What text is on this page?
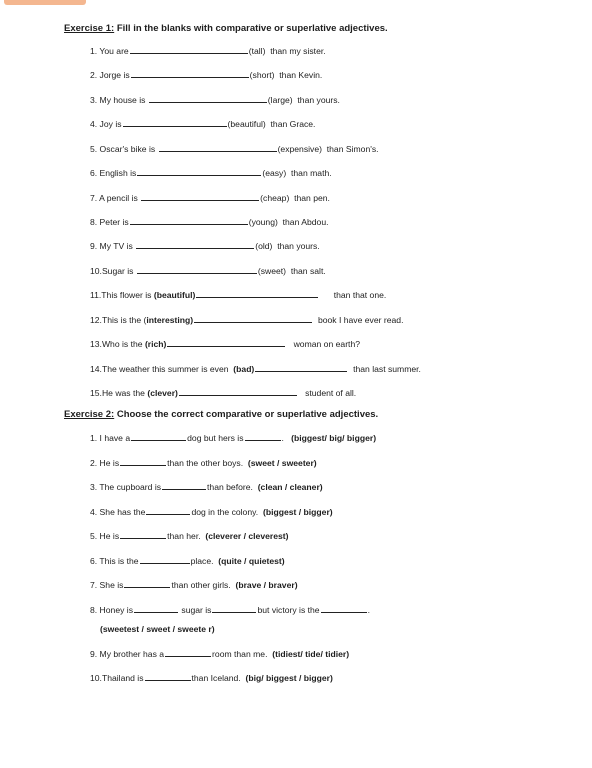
Exercise 1: Fill in the blanks with comparative or superlative adjectives.
1. You are	(tall) than my sister.
2. Jorge is	(short) than Kevin.
3. My house is	(large) than yours.
4. Joy is	(beautiful) than Grace.
5. Oscar's bike is	(expensive) than Simon's.
6. English is	(easy) than math.
7. A pencil is	(cheap) than pen.
8. Peter is	(young) than Abdou.
9. My TV is	(old) than yours.
10.Sugar is	(sweet) than salt.
11.This flower is (beautiful)	than that one.
12.This is the (interesting)	book I have ever read.
13.Who is the (rich)	woman on earth?
14.The weather this summer is even (bad)	than last summer.
15.He was the (clever)	student of all.
Exercise 2: Choose the correct comparative or superlative adjectives.
1. I have a	dog but hers is	. (biggest/ big/ bigger)
2. He is	than the other boys. (sweet / sweeter)
3. The cupboard is	than before. (clean / cleaner)
4. She has the	dog in the colony. (biggest / bigger)
5. He is	than her. (cleverer / cleverest)
6. This is the	place. (quite / quietest)
7. She is	than other girls. (brave / braver)
8. Honey is	sugar is	but victory is the	.
(sweetest / sweet / sweete r)
9. My brother has a	room than me. (tidiest/ tide/ tidier)
10.Thailand is	than Iceland. (big/ biggest / bigger)
